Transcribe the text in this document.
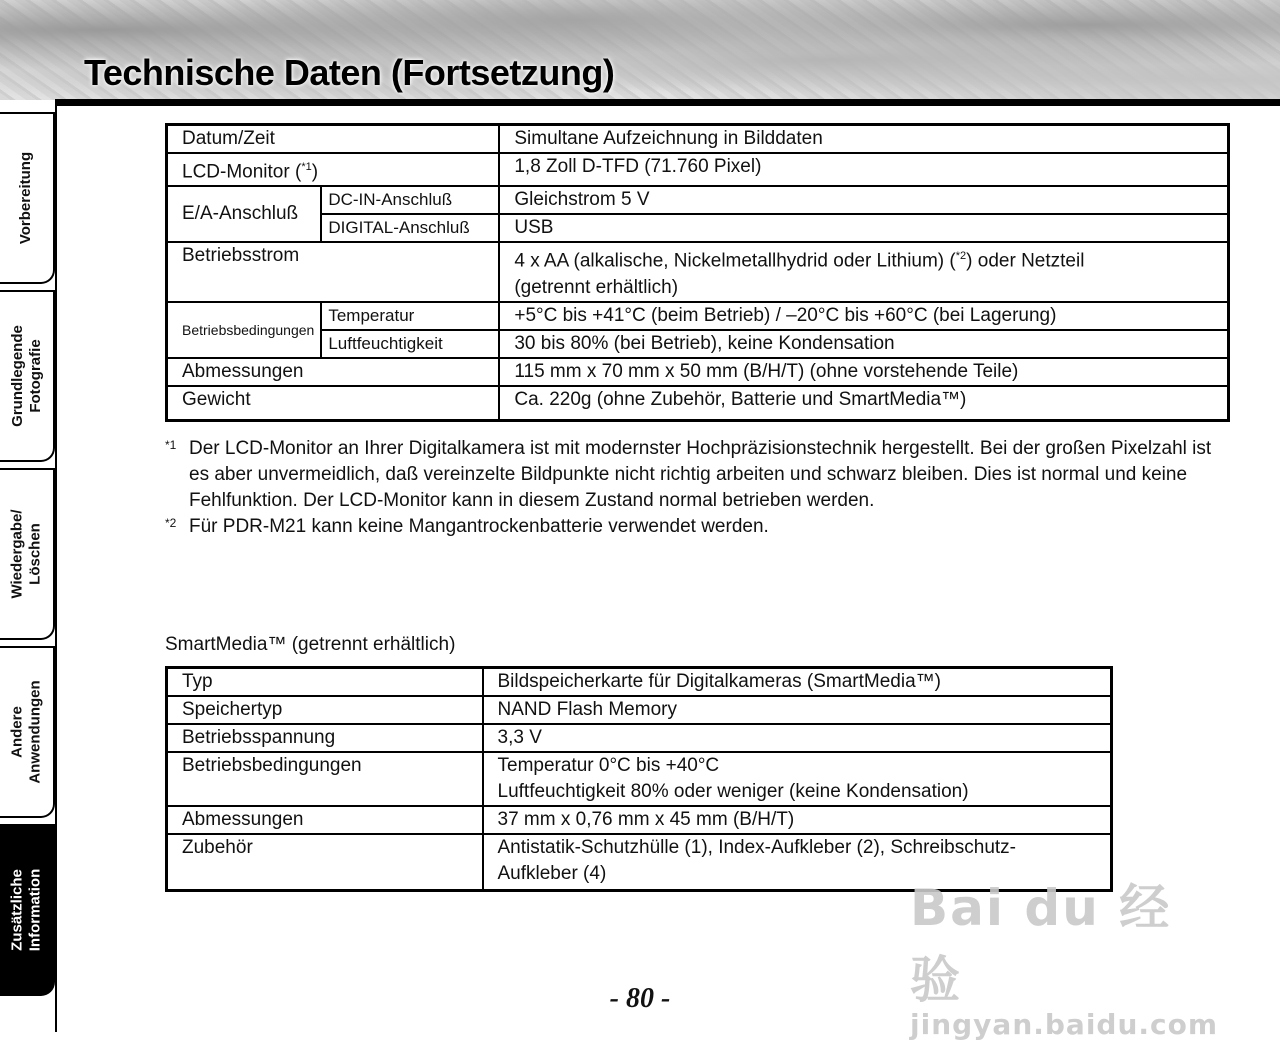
Technische Daten (Fortsetzung)
Vorbereitung
Grundlegende Fotografie
Wiedergabe/ Löschen
Andere Anwendungen
Zusätzliche Information
Datum/Zeit		Simultane Aufzeichnung in Bilddaten
LCD-Monitor ($^{*1}$)		1,8 Zoll D-TFD (71.760 Pixel)
E/A-Anschluß	DC-IN-Anschluß	Gleichstrom 5 V
	DIGITAL-Anschluß	USB
Betriebsstrom		4 x AA (alkalische, Nickelmetallhydrid oder Lithium) ($^{*2}$) oder Netzteil
(getrennt erhältlich)
Betriebsbedingungen	Temperatur	+5°C bis +41°C (beim Betrieb) / –20°C bis +60°C (bei Lagerung)
	Luftfeuchtigkeit	30 bis 80% (bei Betrieb), keine Kondensation
Abmessungen		115 mm x 70 mm x 50 mm (B/H/T) (ohne vorstehende Teile)
Gewicht		Ca. 220g (ohne Zubehör, Batterie und SmartMedia™)
*1 Der LCD-Monitor an Ihrer Digitalkamera ist mit modernster Hochpräzisionstechnik hergestellt. Bei der großen Pixelzahl ist es aber unvermeidlich, daß vereinzelte Bildpunkte nicht richtig arbeiten und schwarz bleiben. Dies ist normal und keine Fehlfunktion. Der LCD-Monitor kann in diesem Zustand normal betrieben werden.
*2 Für PDR-M21 kann keine Mangantrockenbatterie verwendet werden.
SmartMedia™ (getrennt erhältlich)
Typ	Bildspeicherkarte für Digitalkameras (SmartMedia™)
Speichertyp	NAND Flash Memory
Betriebsspannung	3,3 V
Betriebsbedingungen	Temperatur 0°C bis +40°C
Luftfeuchtigkeit 80% oder weniger (keine Kondensation)
Abmessungen	37 mm x 0,76 mm x 45 mm (B/H/T)
Zubehör	Antistatik-Schutzhülle (1), Index-Aufkleber (2), Schreibschutz-
Aufkleber (4)
Bai du 经验
jingyan.baidu.com
- 80 -
